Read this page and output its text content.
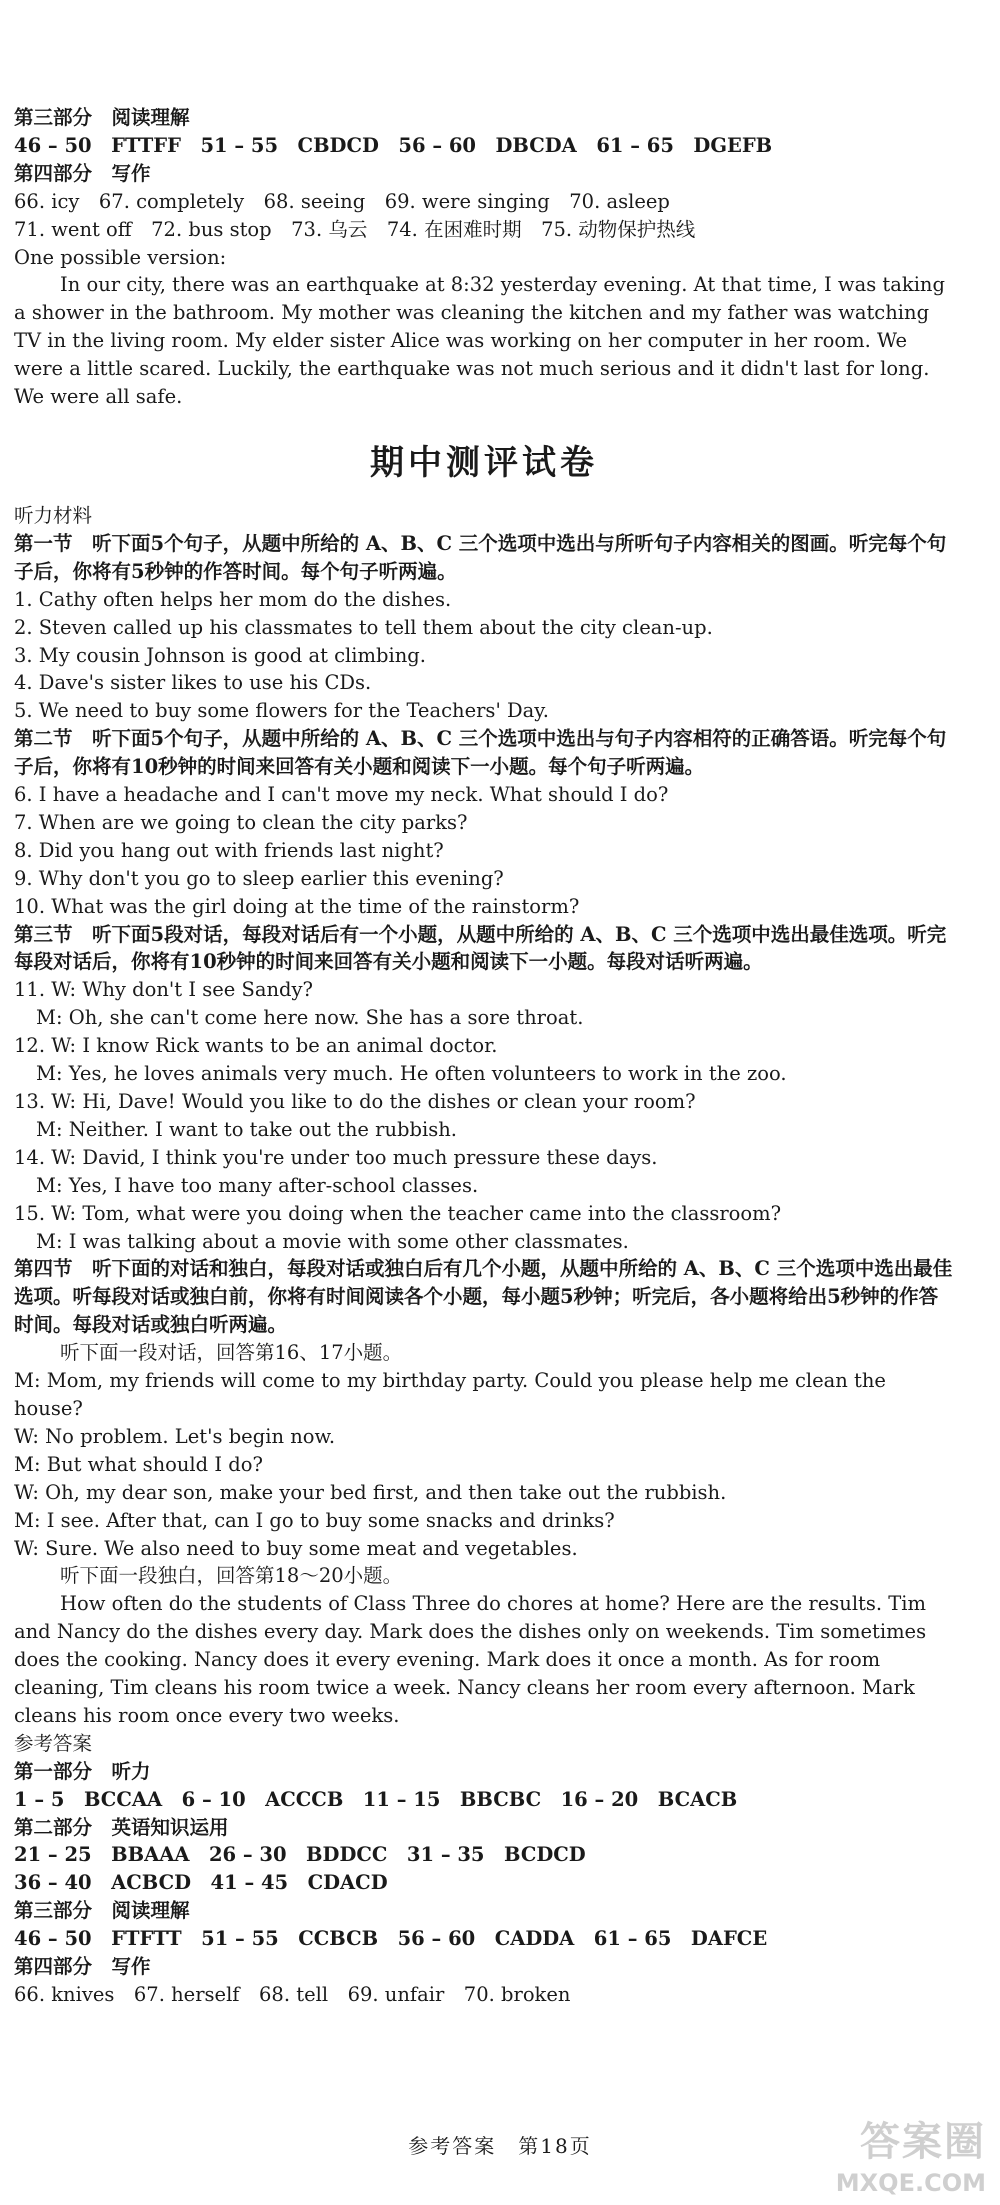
第三部分　阅读理解

46 – 50　FTTFF　51 – 55　CBDCD　56 – 60　DBCDA　61 – 65　DGEFB

第四部分　写作

66. icy　67. completely　68. seeing　69. were singing　70. asleep

71. went off　72. bus stop　73. 乌云　74. 在困难时期　75. 动物保护热线

One possible version:

In our city, there was an earthquake at 8:32 yesterday evening. At that time, I was taking a shower in the bathroom. My mother was cleaning the kitchen and my father was watching TV in the living room. My elder sister Alice was working on her computer in her room. We were a little scared. Luckily, the earthquake was not much serious and it didn't last for long. We were all safe.

期中测评试卷

听力材料

第一节　听下面5个句子，从题中所给的 A、B、C 三个选项中选出与所听句子内容相关的图画。听完每个句子后，你将有5秒钟的作答时间。每个句子听两遍。

1. Cathy often helps her mom do the dishes.

2. Steven called up his classmates to tell them about the city clean-up.

3. My cousin Johnson is good at climbing.

4. Dave's sister likes to use his CDs.

5. We need to buy some flowers for the Teachers' Day.

第二节　听下面5个句子，从题中所给的 A、B、C 三个选项中选出与句子内容相符的正确答语。听完每个句子后，你将有10秒钟的时间来回答有关小题和阅读下一小题。每个句子听两遍。

6. I have a headache and I can't move my neck. What should I do?

7. When are we going to clean the city parks?

8. Did you hang out with friends last night?

9. Why don't you go to sleep earlier this evening?

10. What was the girl doing at the time of the rainstorm?

第三节　听下面5段对话，每段对话后有一个小题，从题中所给的 A、B、C 三个选项中选出最佳选项。听完每段对话后，你将有10秒钟的时间来回答有关小题和阅读下一小题。每段对话听两遍。

11. W: Why don't I see Sandy?

M: Oh, she can't come here now. She has a sore throat.

12. W: I know Rick wants to be an animal doctor.

M: Yes, he loves animals very much. He often volunteers to work in the zoo.

13. W: Hi, Dave! Would you like to do the dishes or clean your room?

M: Neither. I want to take out the rubbish.

14. W: David, I think you're under too much pressure these days.

M: Yes, I have too many after-school classes.

15. W: Tom, what were you doing when the teacher came into the classroom?

M: I was talking about a movie with some other classmates.

第四节　听下面的对话和独白，每段对话或独白后有几个小题，从题中所给的 A、B、C 三个选项中选出最佳选项。听每段对话或独白前，你将有时间阅读各个小题，每小题5秒钟；听完后，各小题将给出5秒钟的作答时间。每段对话或独白听两遍。

听下面一段对话，回答第16、17小题。

M: Mom, my friends will come to my birthday party. Could you please help me clean the house?

W: No problem. Let's begin now.

M: But what should I do?

W: Oh, my dear son, make your bed first, and then take out the rubbish.

M: I see. After that, can I go to buy some snacks and drinks?

W: Sure. We also need to buy some meat and vegetables.

听下面一段独白，回答第18～20小题。

How often do the students of Class Three do chores at home? Here are the results. Tim and Nancy do the dishes every day. Mark does the dishes only on weekends. Tim sometimes does the cooking. Nancy does it every evening. Mark does it once a month. As for room cleaning, Tim cleans his room twice a week. Nancy cleans her room every afternoon. Mark cleans his room once every two weeks.

参考答案

第一部分　听力

1 – 5　BCCAA　6 – 10　ACCCB　11 – 15　BBCBC　16 – 20　BCACB

第二部分　英语知识运用

21 – 25　BBAAA　26 – 30　BDDCC　31 – 35　BCDCD

36 – 40　ACBCD　41 – 45　CDACD

第三部分　阅读理解

46 – 50　FTFTT　51 – 55　CCBCB　56 – 60　CADDA　61 – 65　DAFCE

第四部分　写作

66. knives　67. herself　68. tell　69. unfair　70. broken

参考答案　第18页	答案圈
MXQE.COM
